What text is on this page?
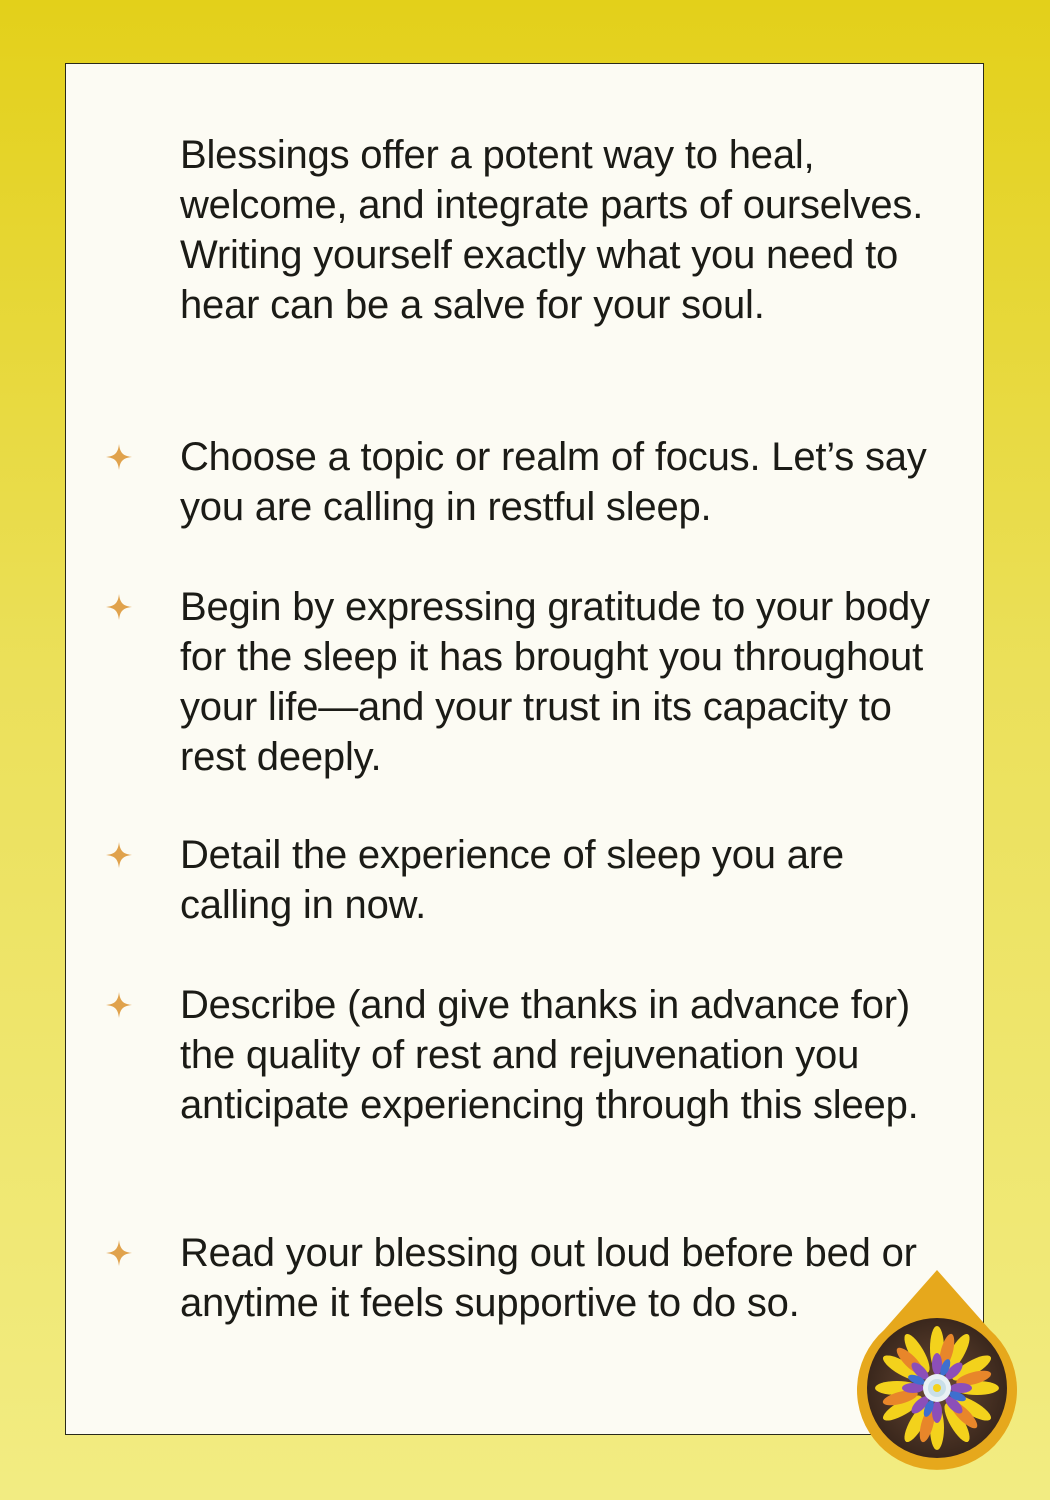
Blessings offer a potent way to heal, welcome, and integrate parts of ourselves. Writing yourself exactly what you need to hear can be a salve for your soul.

Choose a topic or realm of focus. Let’s say you are calling in restful sleep.
Begin by expressing gratitude to your body for the sleep it has brought you throughout your life—and your trust in its capacity to rest deeply.
Detail the experience of sleep you are calling in now.
Describe (and give thanks in advance for) the quality of rest and rejuvenation you anticipate experiencing through this sleep.
Read your blessing out loud before bed or anytime it feels supportive to do so.
